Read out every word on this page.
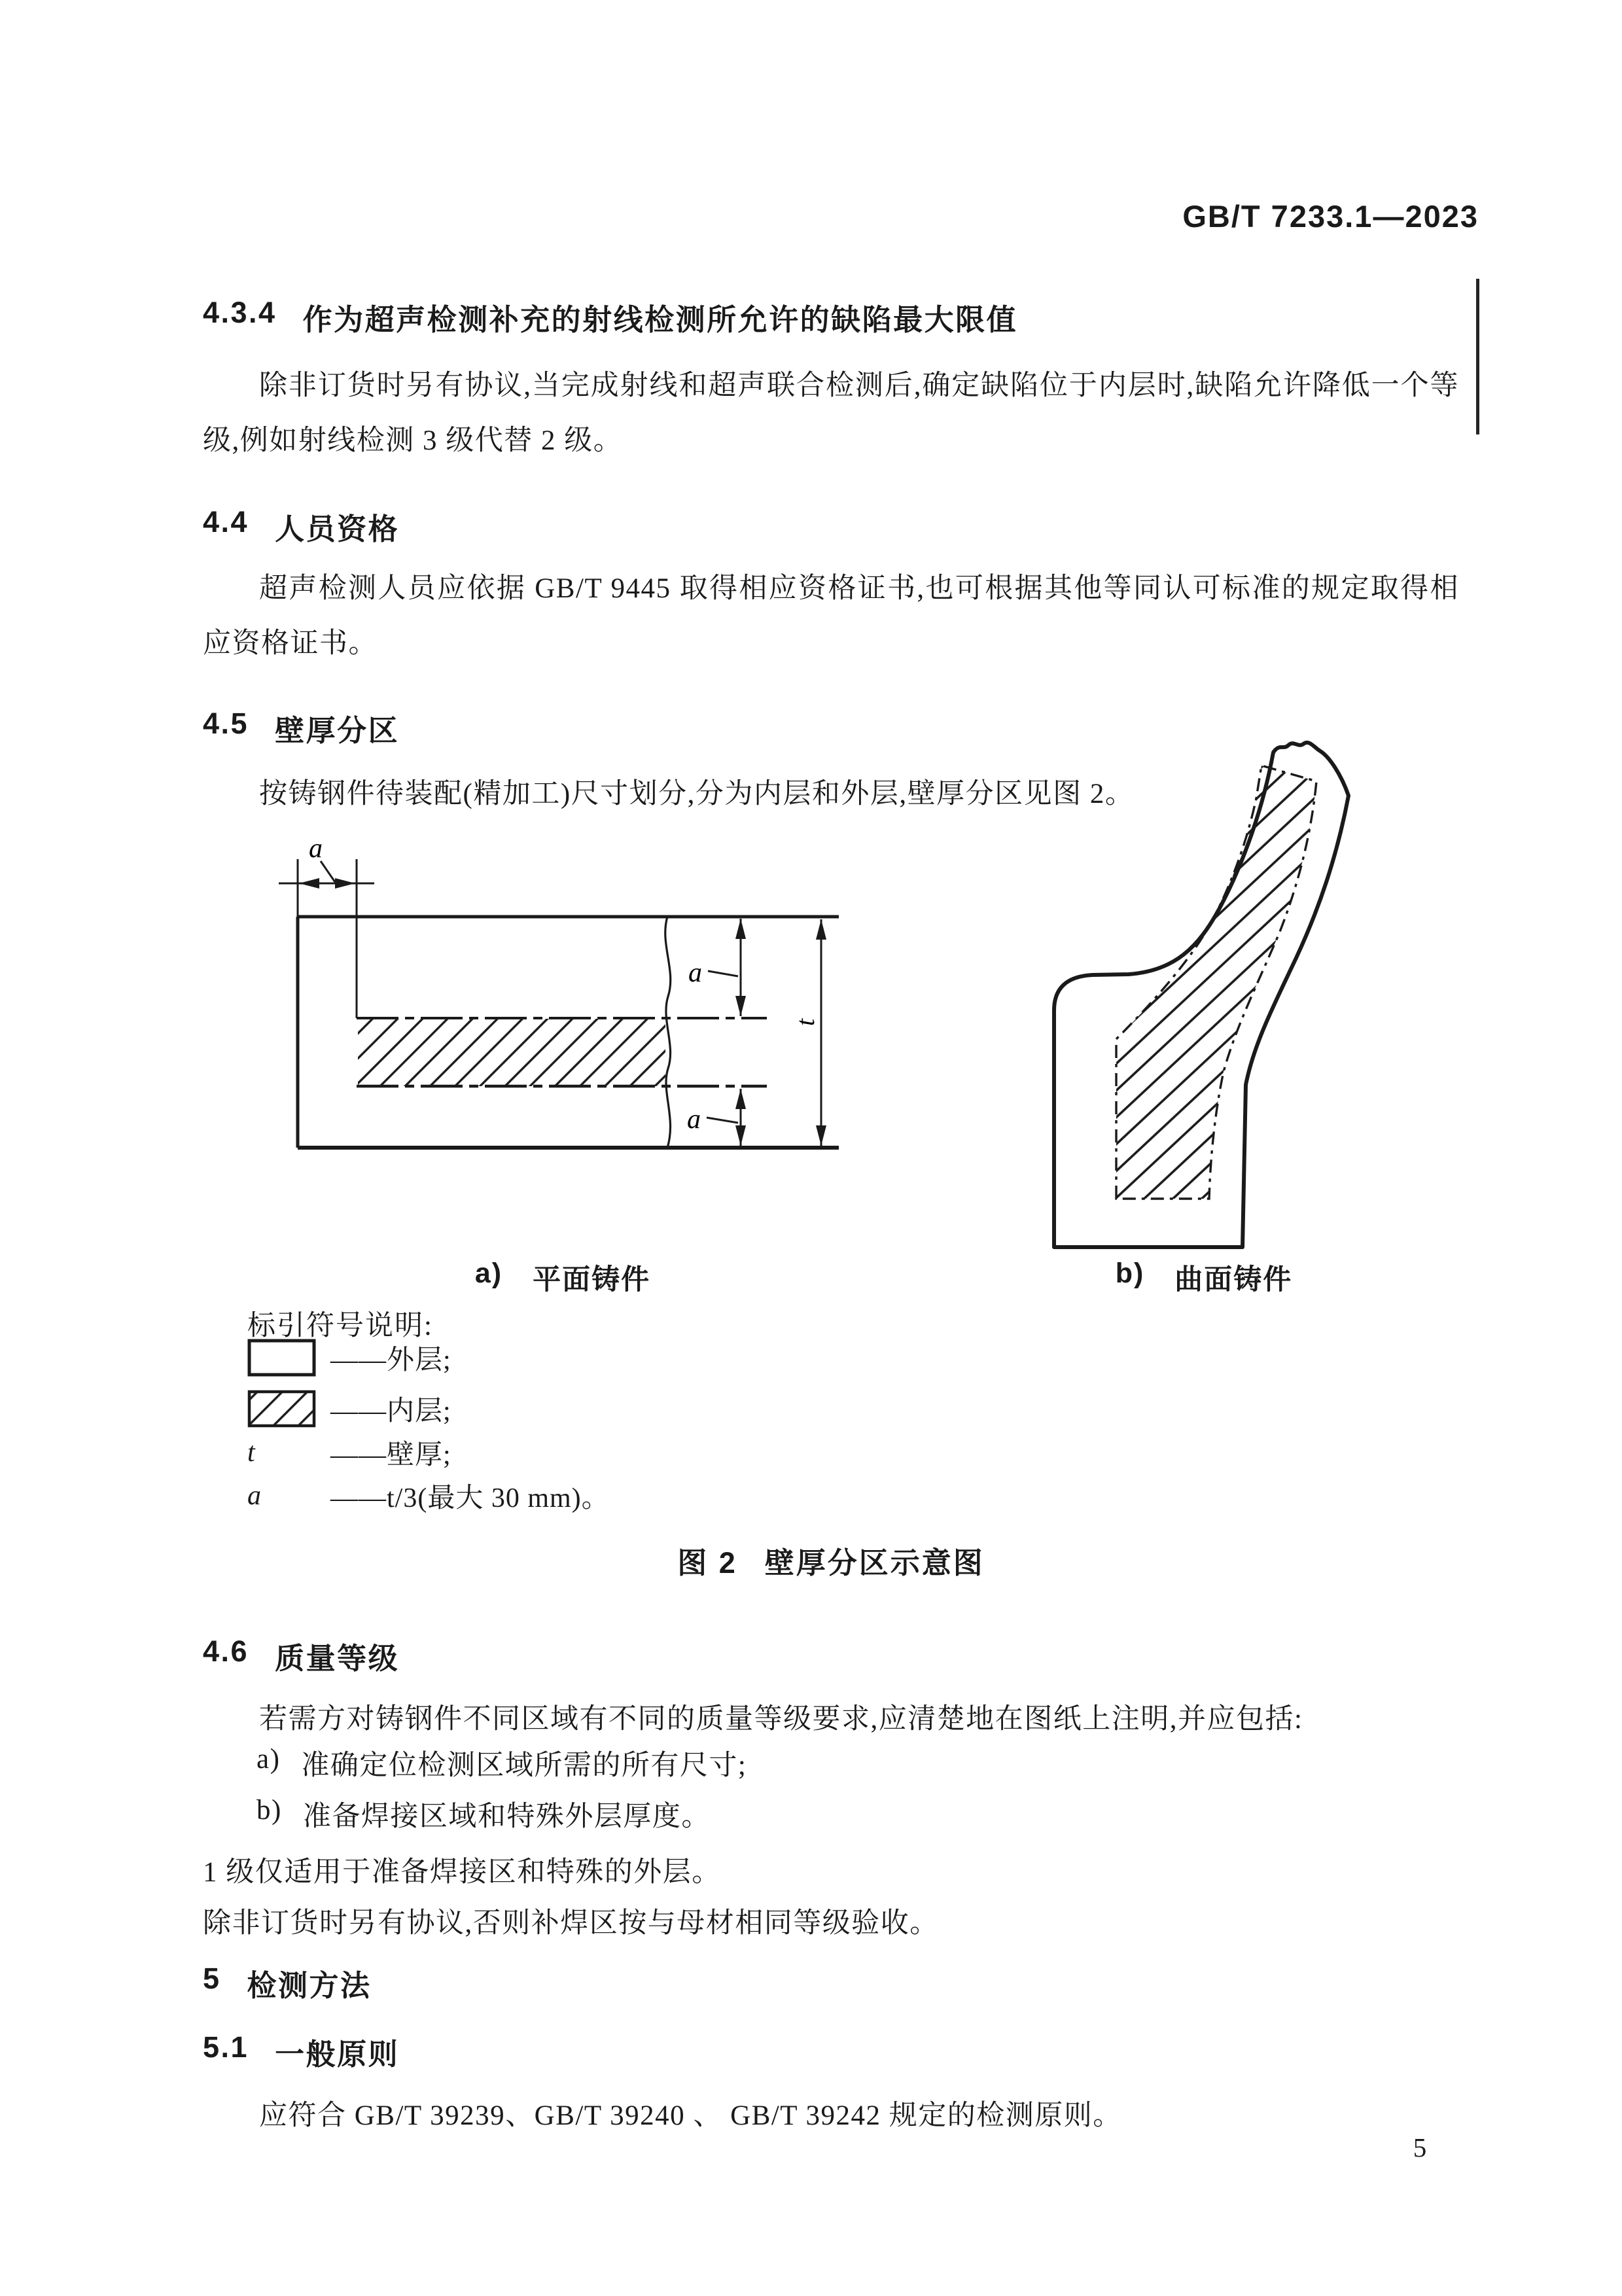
GB/T 7233.1—2023
4.3.4 作为超声检测补充的射线检测所允许的缺陷最大限值
除非订货时另有协议,当完成射线和超声联合检测后,确定缺陷位于内层时,缺陷允许降低一个等级,例如射线检测 3 级代替 2 级。
4.4 人员资格
超声检测人员应依据 GB/T 9445 取得相应资格证书,也可根据其他等同认可标准的规定取得相应资格证书。
4.5 壁厚分区
按铸钢件待装配(精加工)尺寸划分,分为内层和外层,壁厚分区见图 2。
a
a
a
t
a) 平面铸件	b) 曲面铸件
标引符号说明:
——外层;
——内层;
t	——壁厚;
a	——t/3(最大 30 mm)。
图 2 壁厚分区示意图
4.6 质量等级
若需方对铸钢件不同区域有不同的质量等级要求,应清楚地在图纸上注明,并应包括:
a) 准确定位检测区域所需的所有尺寸;
b) 准备焊接区域和特殊外层厚度。
1 级仅适用于准备焊接区和特殊的外层。
除非订货时另有协议,否则补焊区按与母材相同等级验收。
5 检测方法
5.1 一般原则
应符合 GB/T 39239、GB/T 39240 、 GB/T 39242 规定的检测原则。
5
